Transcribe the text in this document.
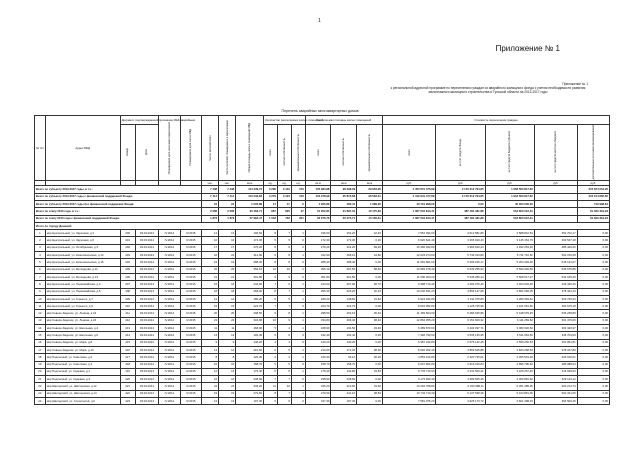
1
Приложение № 1
Приложение № 1
к региональной адресной программе по переселению граждан из аварийного жилищного фонда с учетом необходимости развития малоэтажного жилищного строительства в Тульской области на 2013-2017 годы
Перечень аварийных многоквартирных домов
№ п/п	Адрес МКД	Документ, подтверждающий признание МКД аварийным		Планируемая дата окончания переселения	Планируемая дата сноса МКД	Число жителей всего	Число жителей, планируемых к переселению	Общая площадь жилых помещений МКД	Количество расселяемых жилых помещений			Расселяемая площадь жилых помещений			Стоимость переселения граждан				
		Номер	Дата						всего	частная собственность	муниципальная собственность	всего	частная собственность	муниципальная собственность	всего	за счет средств Фонда	за счет средств бюджета субъекта	за счет средств местного бюджета	дополнительные источники финансирования
						чел.	чел.	кв.м	ед.	ед.	ед.	кв.м	кв.м	кв.м	руб.	руб.	руб.	руб.	руб.
Всего по субъекту 2013-2017 годы, в т.ч.:						7 438	7 438	114 239,72	3 296	3 140	156	135 384,88	96 298,09	39 653,26	4 453 651 475,89	2 179 212 794,65	1 958 563 817,62		315 874 254,26
Всего по субъекту 2013-2017 годы с финансовой поддержкой Фонда:						7 414	7 414	113 233,83	3 279	3 123	156	134 378,99	95 815,68	38 563,31	4 412 931 477,89	2 179 212 794,65	1 918 563 817,62		315 154 865,62
Всего по субъекту 2013-2017 годы без финансовой поддержки Фонда:						24	24	1 005,89	17	17	0	1 005,89	482,41	1 089,95	40 719 998,00	0,00	40 000 000,00		719 998,64
Всего по этапу 2013 года, в т.ч.:						2 066	2 066	30 466,71	867	820	47	31 052,84	21 897,01	10 175,83	1 067 604 813,41	487 184 481,88	518 800 012,31		61 620 319,22
Всего по этапу 2013 года с финансовой поддержкой Фонда:						1 873	1 873	27 984,47	1 033	732	301	30 076,76	20 475,71	10 156,61	1 067 604 813,41	487 184 481,88	518 800 012,31		61 620 319,22
Итого по городу Донской:																			
1	мкр Центральный, ул. Заречная, д.4	400	03.03.2014	IV.2014	IV.2015	14	14	196,60	8	7	1	196,60	154,20	42,40	7 554 394,60	3 612 581,89	3 588 810,54	352 702,17	0,00
2	мкр Центральный, ул. Заречная, д.6	401	03.03.2014	IV.2014	IV.2015	10	10	172,30	5	5	0	172,30	172,30	0,00	6 620 621,40	3 165 919,43	3 145 154,79	309 547,18	0,00
3	мкр Центральный, ул. Октябрьская, д.5	402	03.03.2014	IV.2014	IV.2015	17	17	270,20	8	6	2	270,20	201,20	69,00	10 382 492,80	4 964 810,24	4 932 253,30	485 429,26	0,00
4	мкр Центральный, ул. Комсомольская, д.13	403	03.03.2014	IV.2014	IV.2015	22	22	312,90	9	8	1	312,90	268,10	44,80	12 023 274,60	5 749 413,80	5 711 710,52	562 150,28	0,00
5	мкр Центральный, ул. Комсомольская, д.15	404	03.03.2014	IV.2014	IV.2015	19	19	288,40	8	8	0	288,40	288,40	0,00	11 081 861,60	5 299 246,17	5 264 494,36	518 121,07	0,00
6	мкр Центральный, ул. Молодцова, д.11	405	03.03.2014	IV.2014	IV.2015	25	25	356,10	12	10	2	356,10	297,50	58,60	13 683 278,40	6 543 255,93	6 500 346,59	639 675,88	0,00
7	мкр Центральный, ул. Молодцова, д.13	406	03.03.2014	IV.2014	IV.2015	21	21	301,80	9	9	0	301,80	301,80	0,00	11 596 363,20	5 545 280,44	5 508 917,27	542 165,49	0,00
8	мкр Центральный, ул. Первомайская, д.3	407	03.03.2014	IV.2014	IV.2015	16	16	244,60	7	6	1	244,60	207,90	36,70	9 398 710,40	4 494 376,49	4 464 903,46	439 430,45	0,00
9	мкр Центральный, ул. Первомайская, д.5	408	03.03.2014	IV.2014	IV.2015	18	18	266,30	8	7	1	266,30	226,20	40,10	10 232 631,20	4 893 147,05	4 861 060,05	478 424,10	0,00
10	мкр Центральный, ул. Горького, д.7	409	03.03.2014	IV.2014	IV.2015	12	12	180,20	6	5	1	180,20	148,60	31,60	6 924 184,80	3 311 075,86	3 289 363,61	323 745,33	0,00
11	мкр Центральный, ул. Горького, д.9	410	03.03.2014	IV.2014	IV.2015	15	15	224,70	7	7	0	224,70	224,70	0,00	8 634 052,80	4 128 725,96	4 101 651,66	403 675,18	0,00
12	мкр Северо-Задонск, ул. Ленина, д.22	411	03.03.2014	IV.2014	IV.2015	20	20	298,50	9	8	1	298,50	262,10	36,40	11 469 564,00	5 484 645,86	5 448 679,25	536 238,89	0,00
13	мкр Северо-Задонск, ул. Ленина, д.24	412	03.03.2014	IV.2014	IV.2015	23	23	334,80	10	9	1	334,80	296,40	38,40	12 864 355,20	6 151 609,32	6 111 269,82	601 476,06	0,00
14	мкр Северо-Задонск, ул. Школьная, д.4	413	03.03.2014	IV.2014	IV.2015	11	11	168,90	5	4	1	168,90	134,50	34,40	6 489 873,60	3 103 397,71	3 083 046,52	303 429,37	0,00
15	мкр Северо-Задонск, ул. Школьная, д.6	414	03.03.2014	IV.2014	IV.2015	13	13	192,40	6	6	0	192,40	192,40	0,00	7 392 793,60	3 535 135,95	3 511 954,56	345 703,09	0,00
16	мкр Северо-Задонск, ул. Мира, д.8	415	03.03.2014	IV.2014	IV.2015	9	9	140,20	4	4	0	140,20	140,20	0,00	5 387 244,80	2 576 142,46	2 559 250,53	251 851,81	0,00
17	мкр Северо-Задонск, ул. Мира, д.10	416	03.03.2014	IV.2014	IV.2015	14	14	210,60	6	5	1	210,60	172,30	38,30	8 092 262,40	3 869 645,88	3 844 268,63	378 347,89	0,00
18	мкр Подлесный, ул. Советская, д.2	417	03.03.2014	IV.2014	IV.2015	8	8	126,30	4	3	1	126,30	96,10	30,20	4 853 164,80	2 320 735,01	2 305 519,18	226 910,61	0,00
19	мкр Подлесный, ул. Советская, д.4	418	03.03.2014	IV.2014	IV.2015	10	10	158,70	5	5	0	158,70	158,70	0,00	6 097 804,80	2 915 919,84	2 896 796,92	285 088,04	0,00
20	мкр Подлесный, ул. Садовая, д.1	419	03.03.2014	IV.2014	IV.2015	12	12	176,40	6	5	1	176,40	142,80	33,60	6 778 713,60	3 241 509,21	3 220 257,46	316 946,93	0,00
21	мкр Подлесный, ул. Садовая, д.3	420	03.03.2014	IV.2014	IV.2015	16	16	238,90	7	7	0	238,90	238,90	0,00	9 179 690,40	4 389 665,36	4 360 881,92	429 143,12	0,00
22	мкр Шахтерский, ул. Шахтерская, д.12	421	03.03.2014	IV.2014	IV.2015	24	24	345,20	11	10	1	345,20	310,60	34,60	13 264 788,80	6 343 088,11	6 301 485,95	620 214,74	0,00
23	мкр Шахтерский, ул. Шахтерская, д.14	422	03.03.2014	IV.2014	IV.2015	19	19	279,60	8	7	1	279,60	241,10	38,50	10 743 710,40	5 137 538,29	5 103 851,06	502 321,05	0,00
24	мкр Шахтерский, ул. Строителей, д.6	423	03.03.2014	IV.2014	IV.2015	13	13	197,30	6	6	0	197,30	197,30	0,00	7 581 075,20	3 625 170,72	3 601 398,03	354 506,45	0,00
